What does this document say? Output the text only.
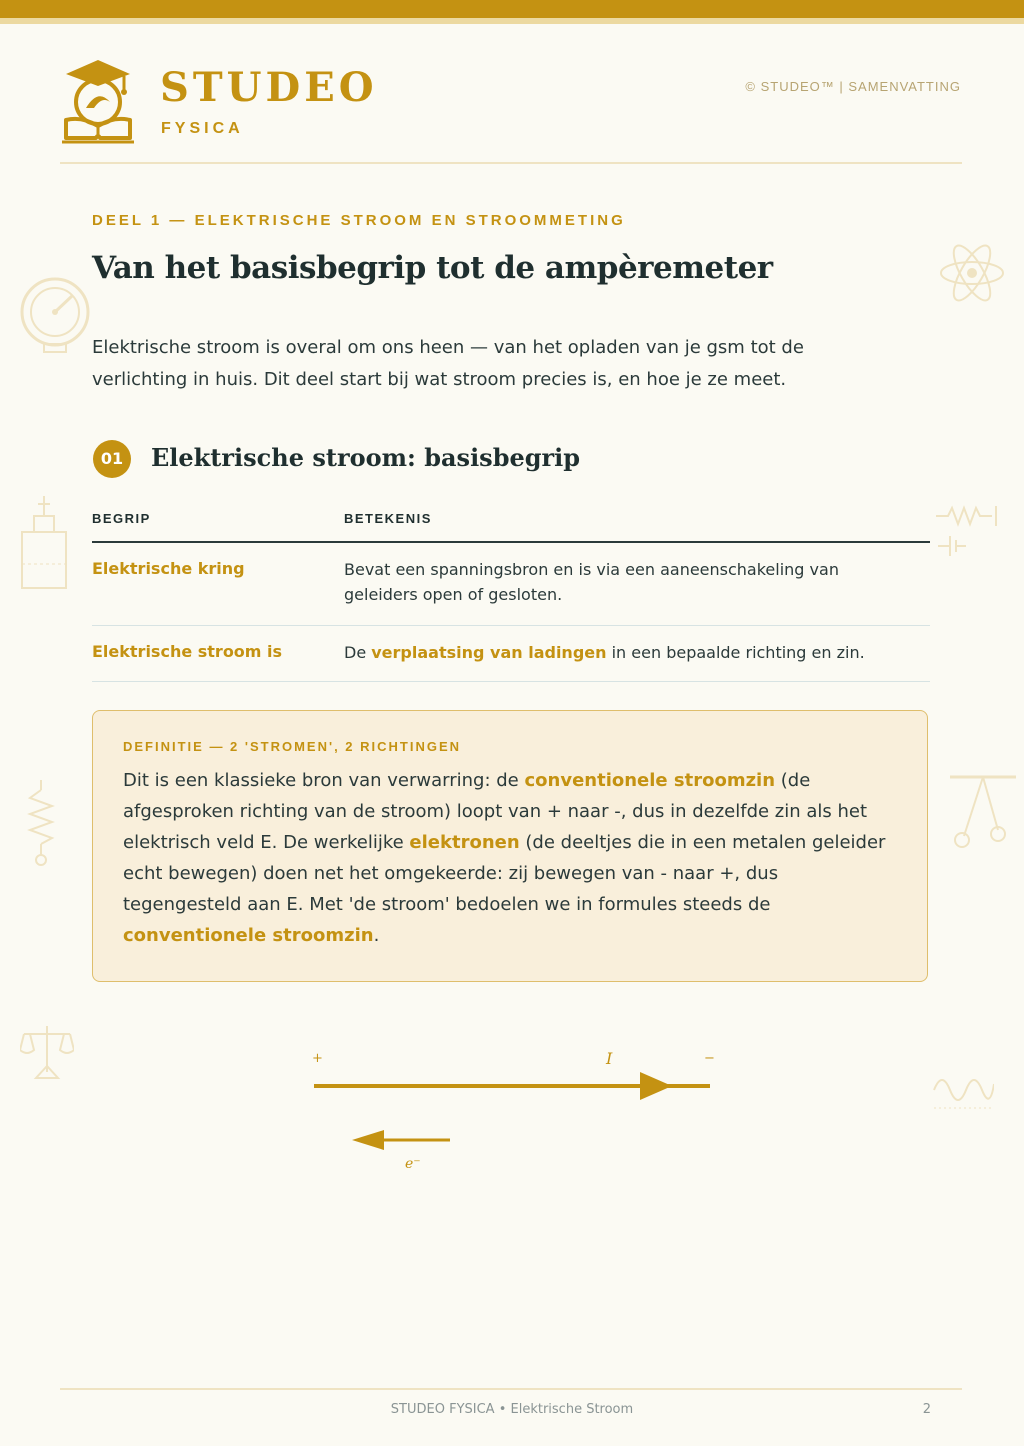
STUDEO
FYSICA
© STUDEO™ | SAMENVATTING
DEEL 1 — ELEKTRISCHE STROOM EN STROOMMETING
Van het basisbegrip tot de ampèremeter

Elektrische stroom is overal om ons heen — van het opladen van je gsm tot de verlichting in huis. Dit deel start bij wat stroom precies is, en hoe je ze meet.

01	Elektrische stroom: basisbegrip
BEGRIP	BETEKENIS
Elektrische kring	Bevat een spanningsbron en is via een aaneenschakeling van geleiders open of gesloten.
Elektrische stroom is	De verplaatsing van ladingen in een bepaalde richting en zin.
DEFINITIE — 2 'STROMEN', 2 RICHTINGEN

Dit is een klassieke bron van verwarring: de conventionele stroomzin (de afgesproken richting van de stroom) loopt van + naar -, dus in dezelfde zin als het elektrisch veld E. De werkelijke elektronen (de deeltjes die in een metalen geleider echt bewegen) doen net het omgekeerde: zij bewegen van - naar +, dus tegengesteld aan E. Met 'de stroom' bedoelen we in formules steeds de conventionele stroomzin.

+	−
I
e⁻
STUDEO FYSICA • Elektrische Stroom	2
